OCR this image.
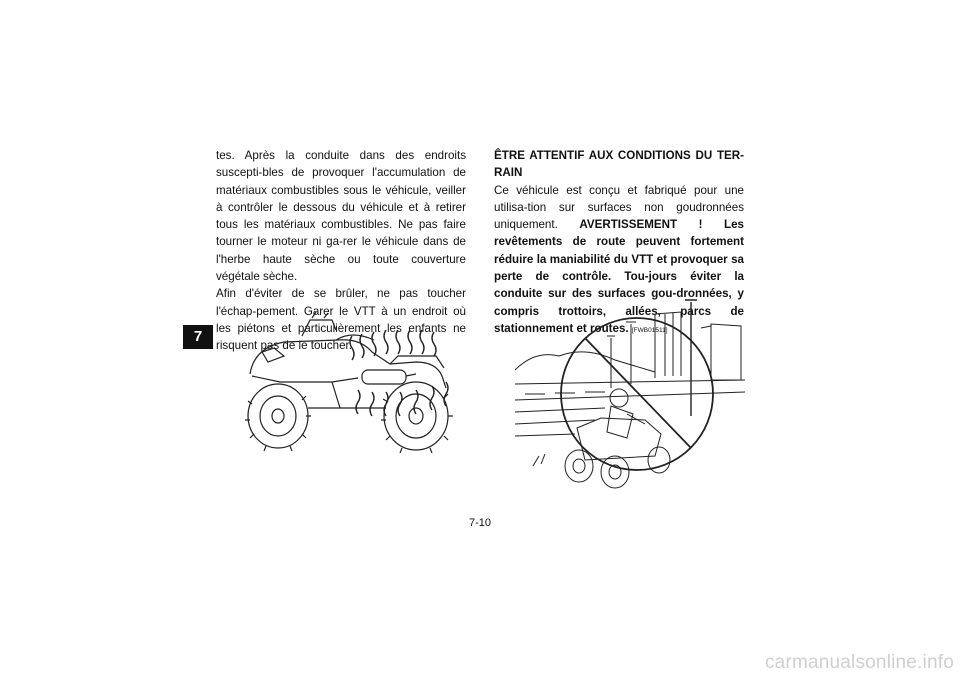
7

tes. Après la conduite dans des endroits suscepti-bles de provoquer l'accumulation de matériaux combustibles sous le véhicule, veiller à contrôler le dessous du véhicule et à retirer tous les matériaux combustibles. Ne pas faire tourner le moteur ni ga-rer le véhicule dans de l'herbe haute sèche ou toute couverture végétale sèche.

Afin d'éviter de se brûler, ne pas toucher l'échap-pement. Garer le VTT à un endroit où les piétons et particulièrement les enfants ne risquent pas de le toucher.

ÊTRE ATTENTIF AUX CONDITIONS DU TER-RAIN

Ce véhicule est conçu et fabriqué pour une utilisa-tion sur surfaces non goudronnées uniquement. AVERTISSEMENT ! Les revêtements de route peuvent fortement réduire la maniabilité du VTT et provoquer sa perte de contrôle. Tou-jours éviter la conduite sur des surfaces gou-dronnées, y compris trottoirs, allées, parcs de stationnement et routes. [FWB01511]

7-10
carmanualsonline.info
